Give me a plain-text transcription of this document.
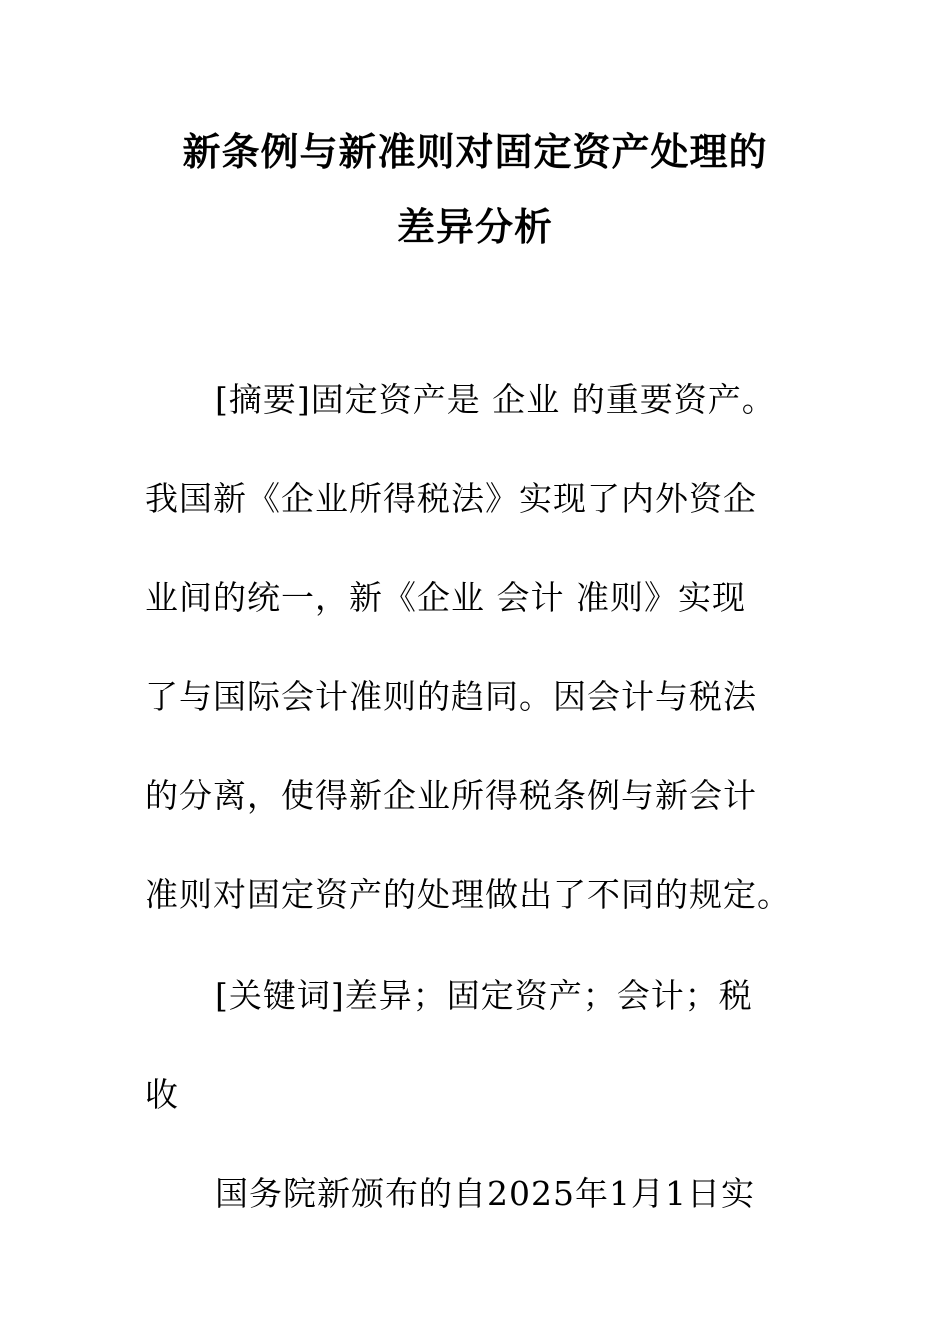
新条例与新准则对固定资产处理的
差异分析
[摘要]固定资产是 企业 的重要资产。
我国新《企业所得税法》实现了内外资企
业间的统一，新《企业 会计 准则》实现
了与国际会计准则的趋同。因会计与税法
的分离，使得新企业所得税条例与新会计
准则对固定资产的处理做出了不同的规定。
[关键词]差异；固定资产；会计；税
收
国务院新颁布的自2025年1月1日实
